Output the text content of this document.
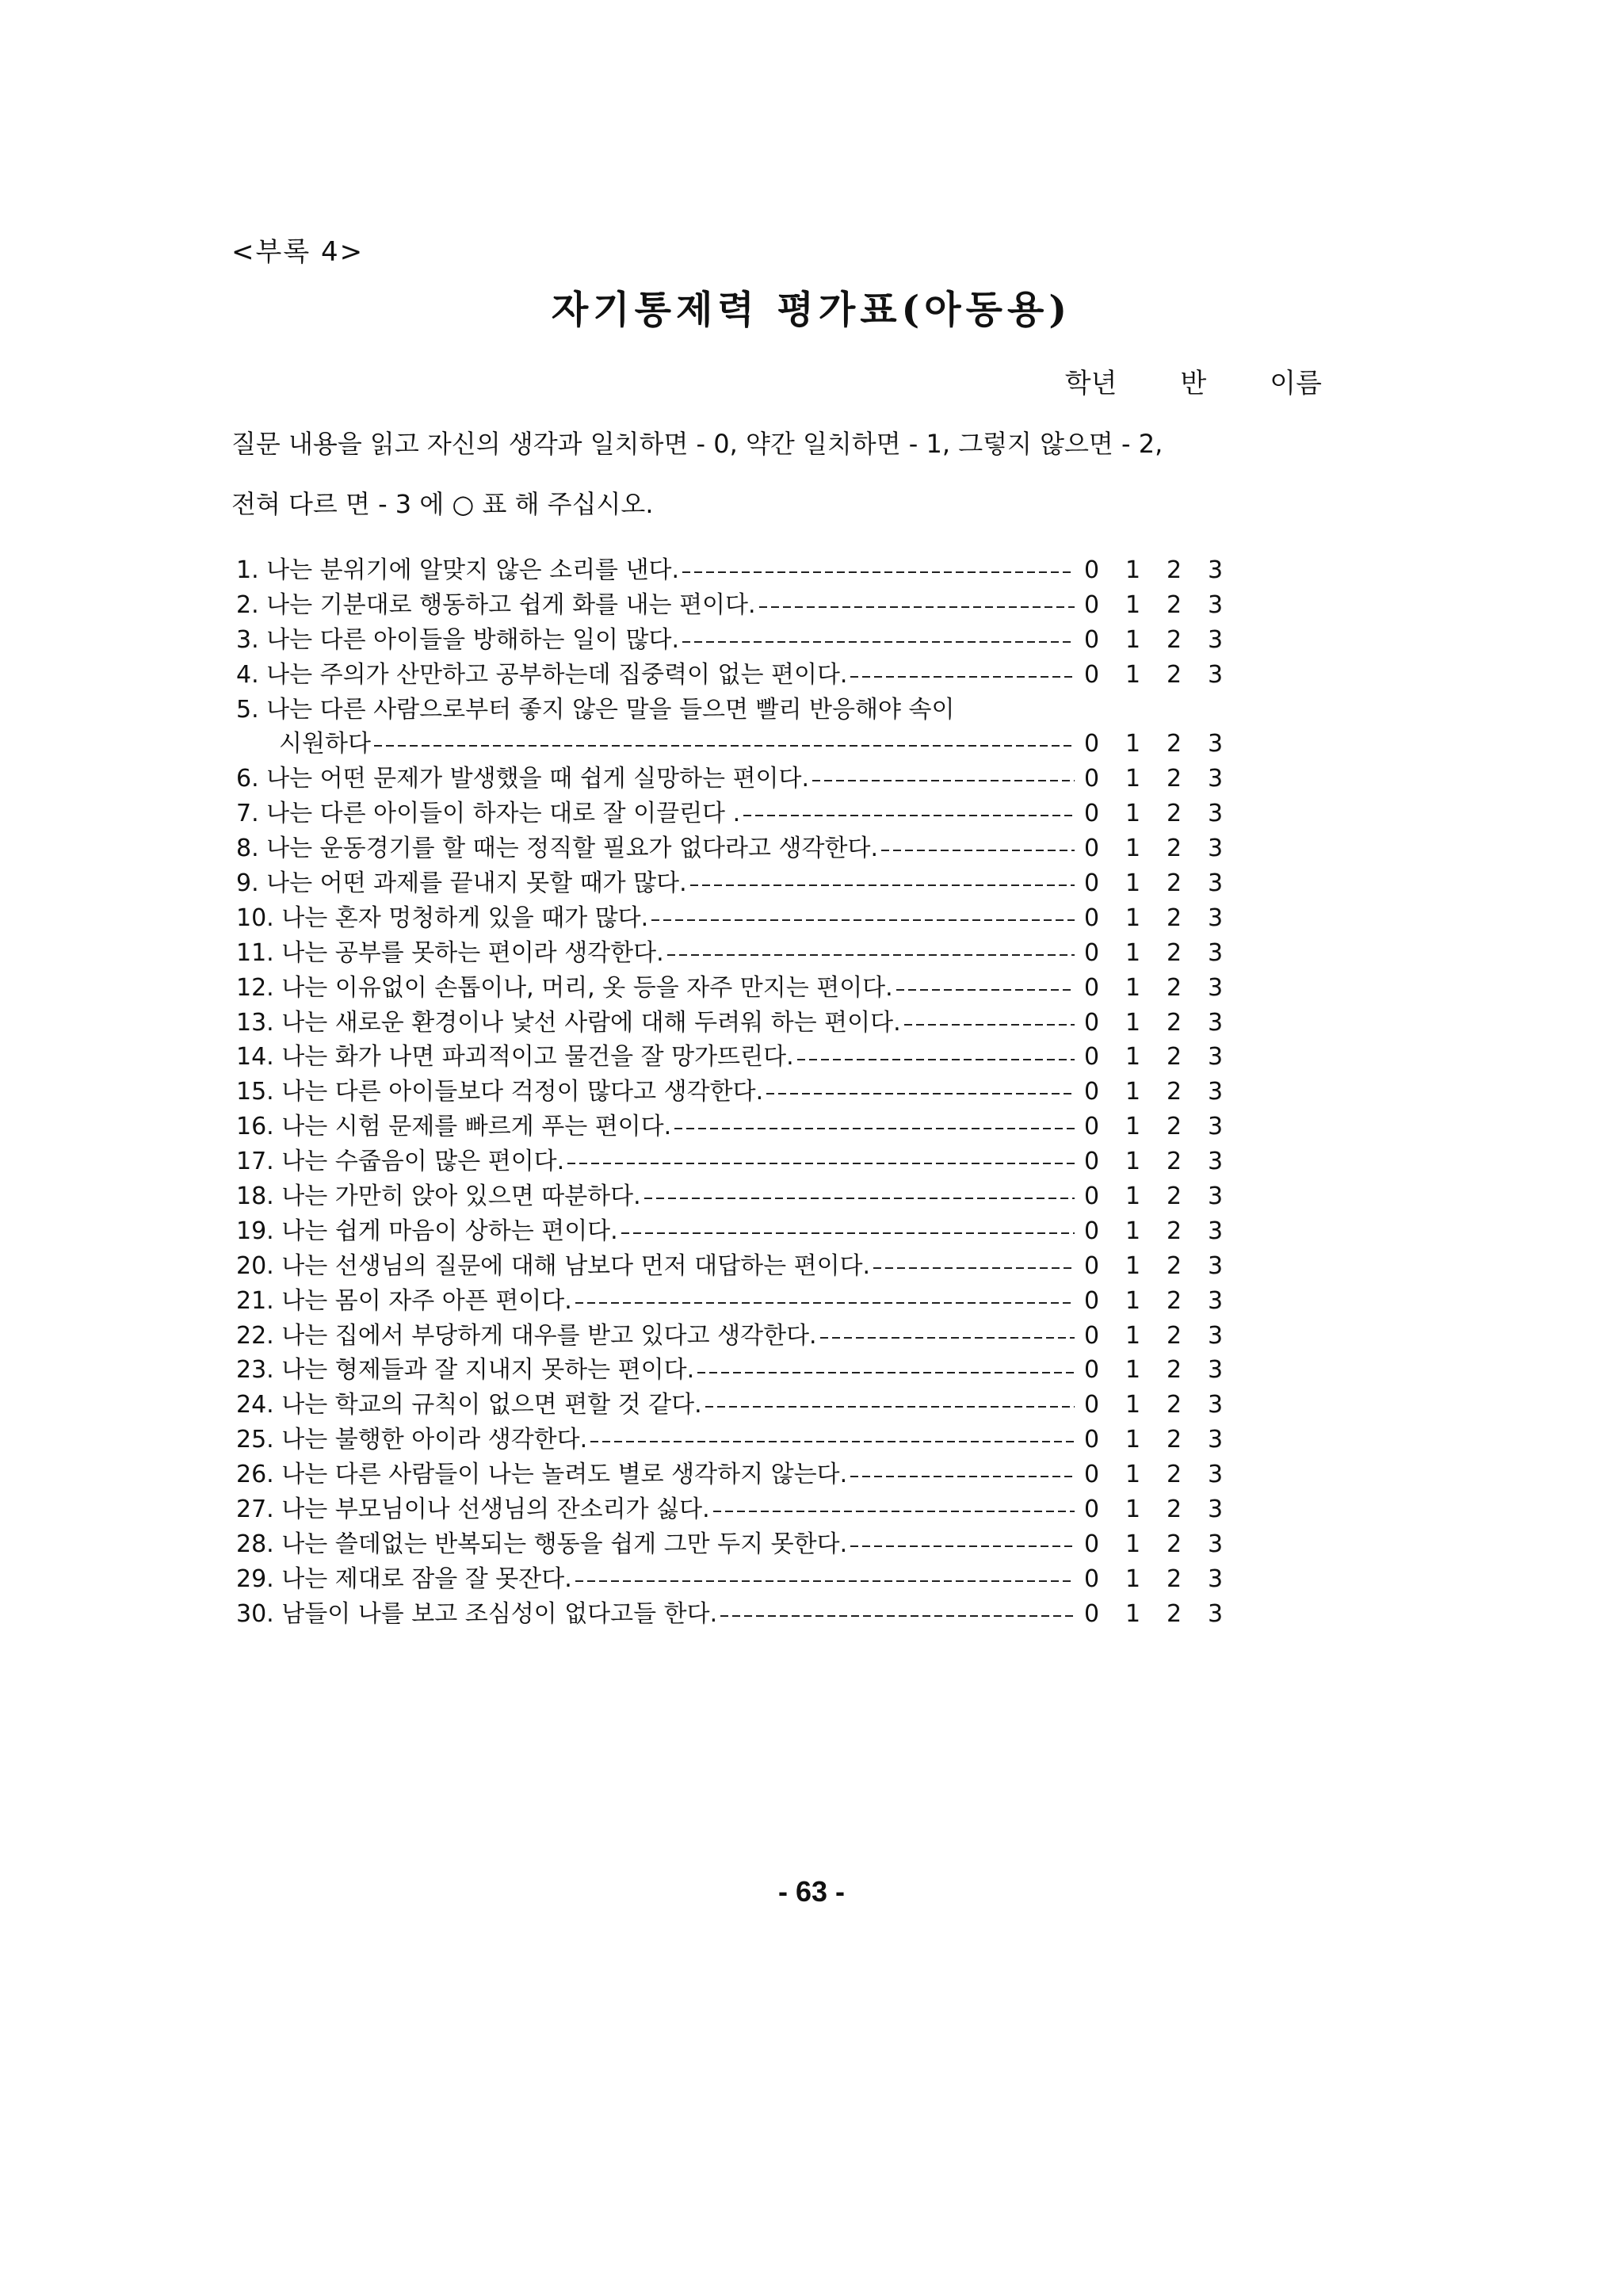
<부록 4>
자기통제력 평가표(아동용)
학년 반 이름
질문 내용을 읽고 자신의 생각과 일치하면 - 0, 약간 일치하면 - 1, 그렇지 않으면 - 2,
전혀 다르 면 - 3 에 ○ 표 해 주십시오.
1. 나는 분위기에 알맞지 않은 소리를 낸다.	0 1 2 3
2. 나는 기분대로 행동하고 쉽게 화를 내는 편이다.	0 1 2 3
3. 나는 다른 아이들을 방해하는 일이 많다.	0 1 2 3
4. 나는 주의가 산만하고 공부하는데 집중력이 없는 편이다.	0 1 2 3
5. 나는 다른 사람으로부터 좋지 않은 말을 들으면 빨리 반응해야 속이
시원하다	0 1 2 3
6. 나는 어떤 문제가 발생했을 때 쉽게 실망하는 편이다.	0 1 2 3
7. 나는 다른 아이들이 하자는 대로 잘 이끌린다 .	0 1 2 3
8. 나는 운동경기를 할 때는 정직할 필요가 없다라고 생각한다.	0 1 2 3
9. 나는 어떤 과제를 끝내지 못할 때가 많다.	0 1 2 3
10. 나는 혼자 멍청하게 있을 때가 많다.	0 1 2 3
11. 나는 공부를 못하는 편이라 생각한다.	0 1 2 3
12. 나는 이유없이 손톱이나, 머리, 옷 등을 자주 만지는 편이다.	0 1 2 3
13. 나는 새로운 환경이나 낯선 사람에 대해 두려워 하는 편이다.	0 1 2 3
14. 나는 화가 나면 파괴적이고 물건을 잘 망가뜨린다.	0 1 2 3
15. 나는 다른 아이들보다 걱정이 많다고 생각한다.	0 1 2 3
16. 나는 시험 문제를 빠르게 푸는 편이다.	0 1 2 3
17. 나는 수줍음이 많은 편이다.	0 1 2 3
18. 나는 가만히 앉아 있으면 따분하다.	0 1 2 3
19. 나는 쉽게 마음이 상하는 편이다.	0 1 2 3
20. 나는 선생님의 질문에 대해 남보다 먼저 대답하는 편이다.	0 1 2 3
21. 나는 몸이 자주 아픈 편이다.	0 1 2 3
22. 나는 집에서 부당하게 대우를 받고 있다고 생각한다.	0 1 2 3
23. 나는 형제들과 잘 지내지 못하는 편이다.	0 1 2 3
24. 나는 학교의 규칙이 없으면 편할 것 같다.	0 1 2 3
25. 나는 불행한 아이라 생각한다.	0 1 2 3
26. 나는 다른 사람들이 나는 놀려도 별로 생각하지 않는다.	0 1 2 3
27. 나는 부모님이나 선생님의 잔소리가 싫다.	0 1 2 3
28. 나는 쓸데없는 반복되는 행동을 쉽게 그만 두지 못한다.	0 1 2 3
29. 나는 제대로 잠을 잘 못잔다.	0 1 2 3
30. 남들이 나를 보고 조심성이 없다고들 한다.	0 1 2 3
- 63 -
